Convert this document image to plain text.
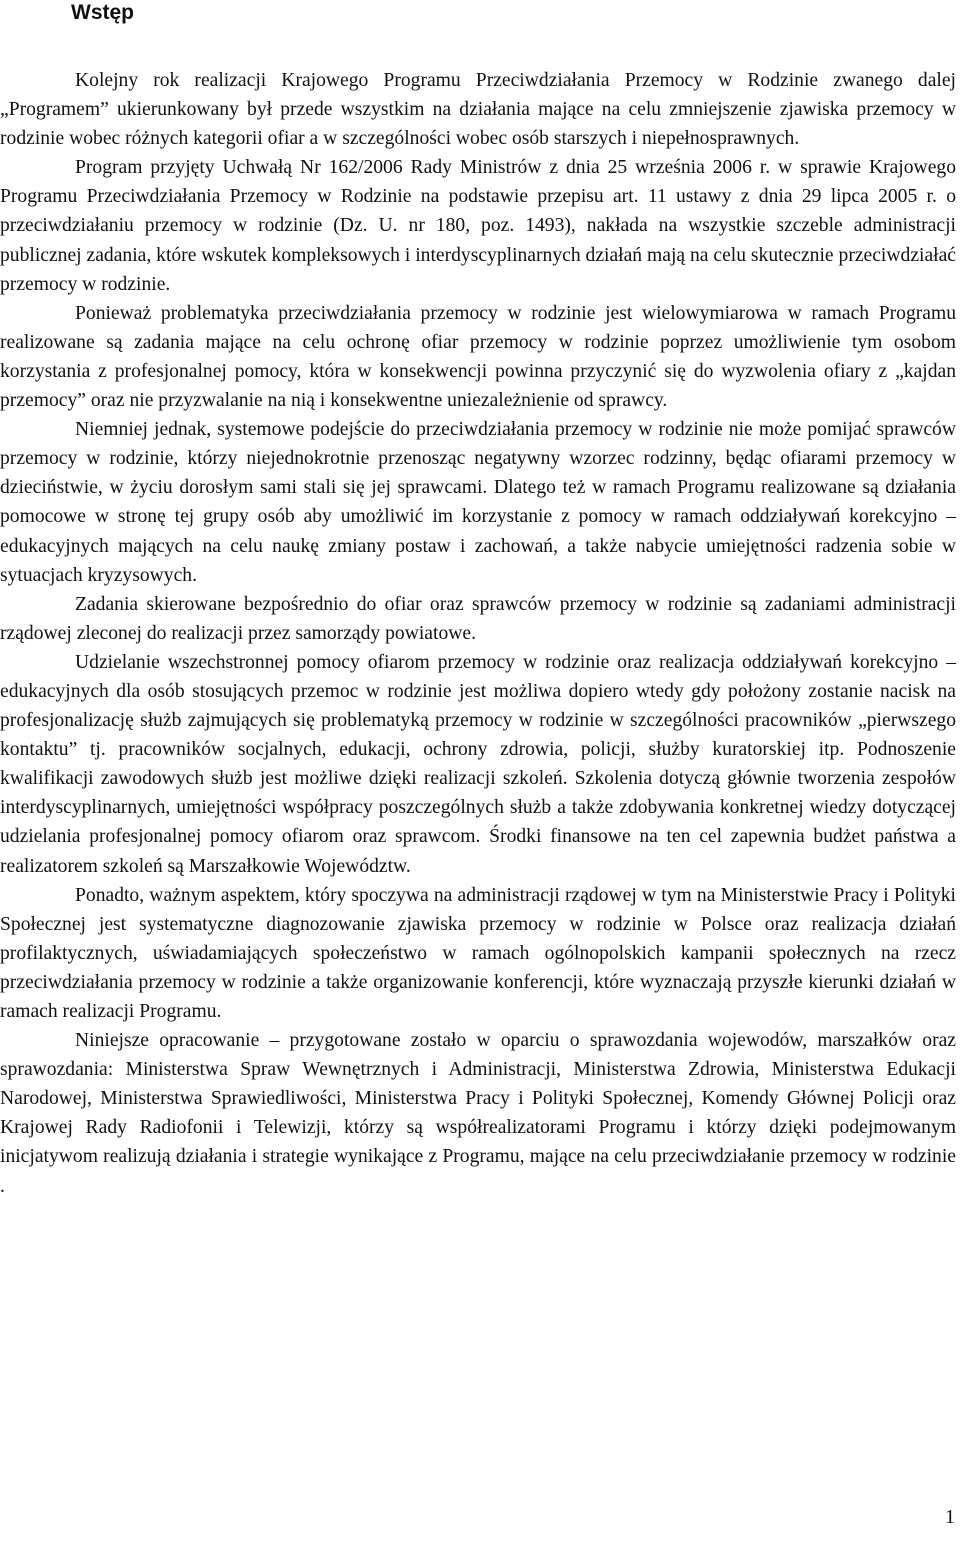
Wstęp

Kolejny rok realizacji Krajowego Programu Przeciwdziałania Przemocy w Rodzinie zwanego dalej „Programem” ukierunkowany był przede wszystkim na działania mające na celu zmniejszenie zjawiska przemocy w rodzinie wobec różnych kategorii ofiar a w szczególności wobec osób starszych i niepełnosprawnych.

Program przyjęty Uchwałą Nr 162/2006 Rady Ministrów z dnia 25 września 2006 r. w sprawie Krajowego Programu Przeciwdziałania Przemocy w Rodzinie na podstawie przepisu art. 11 ustawy z dnia 29 lipca 2005 r. o przeciwdziałaniu przemocy w rodzinie (Dz. U. nr 180, poz. 1493), nakłada na wszystkie szczeble administracji publicznej zadania, które wskutek kompleksowych i interdyscyplinarnych działań mają na celu skutecznie przeciwdziałać przemocy w rodzinie.

Ponieważ problematyka przeciwdziałania przemocy w rodzinie jest wielowymiarowa w ramach Programu realizowane są zadania mające na celu ochronę ofiar przemocy w rodzinie poprzez umożliwienie tym osobom korzystania z profesjonalnej pomocy, która w konsekwencji powinna przyczynić się do wyzwolenia ofiary z „kajdan przemocy” oraz nie przyzwalanie na nią i konsekwentne uniezależnienie od sprawcy.

Niemniej jednak, systemowe podejście do przeciwdziałania przemocy w rodzinie nie może pomijać sprawców przemocy w rodzinie, którzy niejednokrotnie przenosząc negatywny wzorzec rodzinny, będąc ofiarami przemocy w dzieciństwie, w życiu dorosłym sami stali się jej sprawcami. Dlatego też w ramach Programu realizowane są działania pomocowe w stronę tej grupy osób aby umożliwić im korzystanie z pomocy w ramach oddziaływań korekcyjno – edukacyjnych mających na celu naukę zmiany postaw i zachowań, a także nabycie umiejętności radzenia sobie w sytuacjach kryzysowych.

Zadania skierowane bezpośrednio do ofiar oraz sprawców przemocy w rodzinie są zadaniami administracji rządowej zleconej do realizacji przez samorządy powiatowe.

Udzielanie wszechstronnej pomocy ofiarom przemocy w rodzinie oraz realizacja oddziaływań korekcyjno – edukacyjnych dla osób stosujących przemoc w rodzinie jest możliwa dopiero wtedy gdy położony zostanie nacisk na profesjonalizację służb zajmujących się problematyką przemocy w rodzinie w szczególności pracowników „pierwszego kontaktu” tj. pracowników socjalnych, edukacji, ochrony zdrowia, policji, służby kuratorskiej itp. Podnoszenie kwalifikacji zawodowych służb jest możliwe dzięki realizacji szkoleń. Szkolenia dotyczą głównie tworzenia zespołów interdyscyplinarnych, umiejętności współpracy poszczególnych służb a także zdobywania konkretnej wiedzy dotyczącej udzielania profesjonalnej pomocy ofiarom oraz sprawcom. Środki finansowe na ten cel zapewnia budżet państwa a realizatorem szkoleń są Marszałkowie Województw.

Ponadto, ważnym aspektem, który spoczywa na administracji rządowej w tym na Ministerstwie Pracy i Polityki Społecznej jest systematyczne diagnozowanie zjawiska przemocy w rodzinie w Polsce oraz realizacja działań profilaktycznych, uświadamiających społeczeństwo w ramach ogólnopolskich kampanii społecznych na rzecz przeciwdziałania przemocy w rodzinie a także organizowanie konferencji, które wyznaczają przyszłe kierunki działań w ramach realizacji Programu.

Niniejsze opracowanie – przygotowane zostało w oparciu o sprawozdania wojewodów, marszałków oraz sprawozdania: Ministerstwa Spraw Wewnętrznych i Administracji, Ministerstwa Zdrowia, Ministerstwa Edukacji Narodowej, Ministerstwa Sprawiedliwości, Ministerstwa Pracy i Polityki Społecznej, Komendy Głównej Policji oraz Krajowej Rady Radiofonii i Telewizji, którzy są współrealizatorami Programu i którzy dzięki podejmowanym inicjatywom realizują działania i strategie wynikające z Programu, mające na celu przeciwdziałanie przemocy w rodzinie .

1
